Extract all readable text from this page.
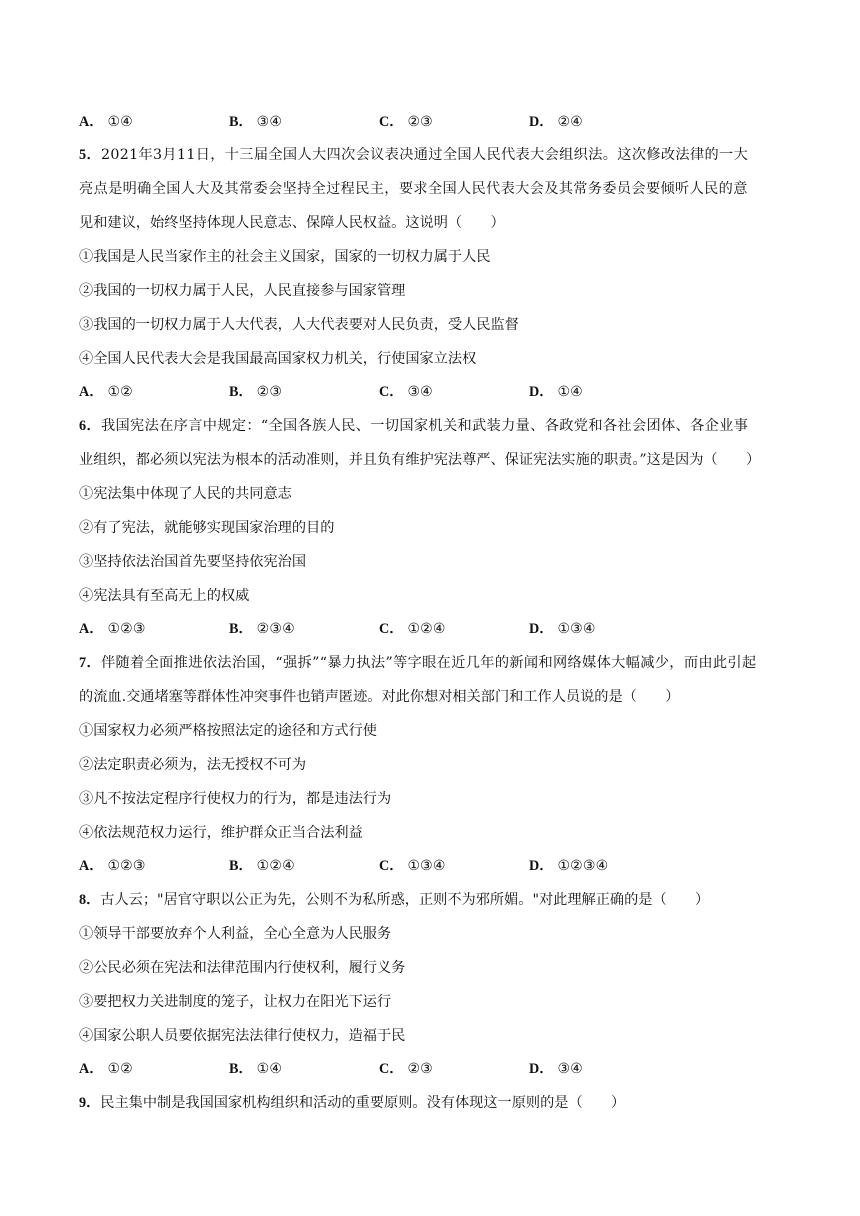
A． ①④	B． ③④	C． ②③	D． ②④
5．2021年3月11日，十三届全国人大四次会议表决通过全国人民代表大会组织法。这次修改法律的一大
亮点是明确全国人大及其常委会坚持全过程民主，要求全国人民代表大会及其常务委员会要倾听人民的意
见和建议，始终坚持体现人民意志、保障人民权益。这说明（　　）
①我国是人民当家作主的社会主义国家，国家的一切权力属于人民
②我国的一切权力属于人民，人民直接参与国家管理
③我国的一切权力属于人大代表，人大代表要对人民负责，受人民监督
④全国人民代表大会是我国最高国家权力机关，行使国家立法权
A． ①②	B． ②③	C． ③④	D． ①④
6．我国宪法在序言中规定：“全国各族人民、一切国家机关和武装力量、各政党和各社会团体、各企业事
业组织，都必须以宪法为根本的活动准则，并且负有维护宪法尊严、保证宪法实施的职责。”这是因为（　　）
①宪法集中体现了人民的共同意志
②有了宪法，就能够实现国家治理的目的
③坚持依法治国首先要坚持依宪治国
④宪法具有至高无上的权威
A． ①②③	B． ②③④	C． ①②④	D． ①③④
7．伴随着全面推进依法治国，“强拆”“暴力执法”等字眼在近几年的新闻和网络媒体大幅减少，而由此引起
的流血.交通堵塞等群体性冲突事件也销声匿迹。对此你想对相关部门和工作人员说的是（　　）
①国家权力必须严格按照法定的途径和方式行使
②法定职责必须为，法无授权不可为
③凡不按法定程序行使权力的行为，都是违法行为
④依法规范权力运行，维护群众正当合法利益
A． ①②③	B． ①②④	C． ①③④	D． ①②③④
8．古人云；"居官守职以公正为先，公则不为私所惑，正则不为邪所媚。"对此理解正确的是（　　）
①领导干部要放弃个人利益，全心全意为人民服务
②公民必须在宪法和法律范围内行使权利，履行义务
③要把权力关进制度的笼子，让权力在阳光下运行
④国家公职人员要依据宪法法律行使权力，造福于民
A． ①②	B． ①④	C． ②③	D． ③④
9．民主集中制是我国国家机构组织和活动的重要原则。没有体现这一原则的是（　　）
